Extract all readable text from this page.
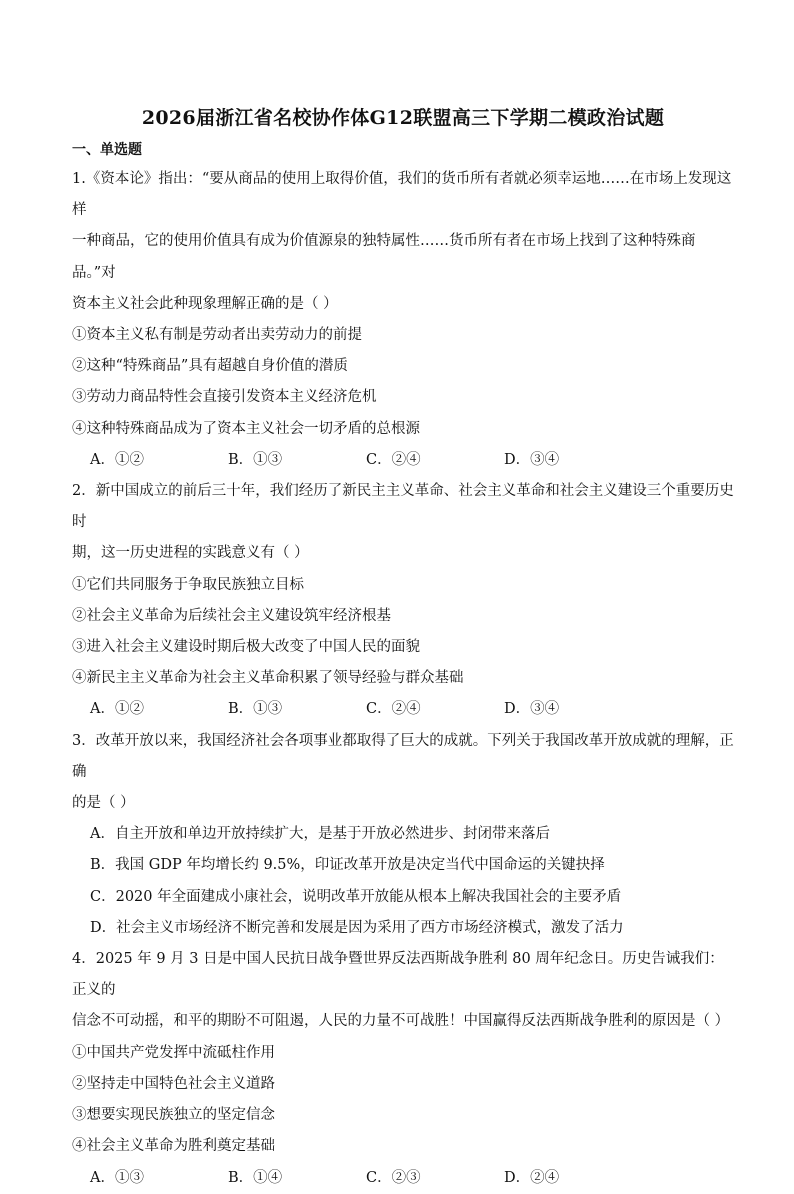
2026届浙江省名校协作体G12联盟高三下学期二模政治试题
一、单选题

1.《资本论》指出：“要从商品的使用上取得价值，我们的货币所有者就必须幸运地……在市场上发现这样

一种商品，它的使用价值具有成为价值源泉的独特属性……货币所有者在市场上找到了这种特殊商品。”对

资本主义社会此种现象理解正确的是（ ）

①资本主义私有制是劳动者出卖劳动力的前提

②这种“特殊商品”具有超越自身价值的潜质

③劳动力商品特性会直接引发资本主义经济危机

④这种特殊商品成为了资本主义社会一切矛盾的总根源

A．①②	B．①③	C．②④	D．③④

2．新中国成立的前后三十年，我们经历了新民主主义革命、社会主义革命和社会主义建设三个重要历史时

期，这一历史进程的实践意义有（ ）

①它们共同服务于争取民族独立目标

②社会主义革命为后续社会主义建设筑牢经济根基

③进入社会主义建设时期后极大改变了中国人民的面貌

④新民主主义革命为社会主义革命积累了领导经验与群众基础

A．①②	B．①③	C．②④	D．③④

3．改革开放以来，我国经济社会各项事业都取得了巨大的成就。下列关于我国改革开放成就的理解，正确

的是（ ）

A．自主开放和单边开放持续扩大，是基于开放必然进步、封闭带来落后

B．我国 GDP 年均增长约 9.5%，印证改革开放是决定当代中国命运的关键抉择

C．2020 年全面建成小康社会，说明改革开放能从根本上解决我国社会的主要矛盾

D．社会主义市场经济不断完善和发展是因为采用了西方市场经济模式，激发了活力

4．2025 年 9 月 3 日是中国人民抗日战争暨世界反法西斯战争胜利 80 周年纪念日。历史告诫我们：正义的

信念不可动摇，和平的期盼不可阻遏，人民的力量不可战胜！中国赢得反法西斯战争胜利的原因是（ ）

①中国共产党发挥中流砥柱作用

②坚持走中国特色社会主义道路

③想要实现民族独立的坚定信念

④社会主义革命为胜利奠定基础

A．①③	B．①④	C．②③	D．②④
